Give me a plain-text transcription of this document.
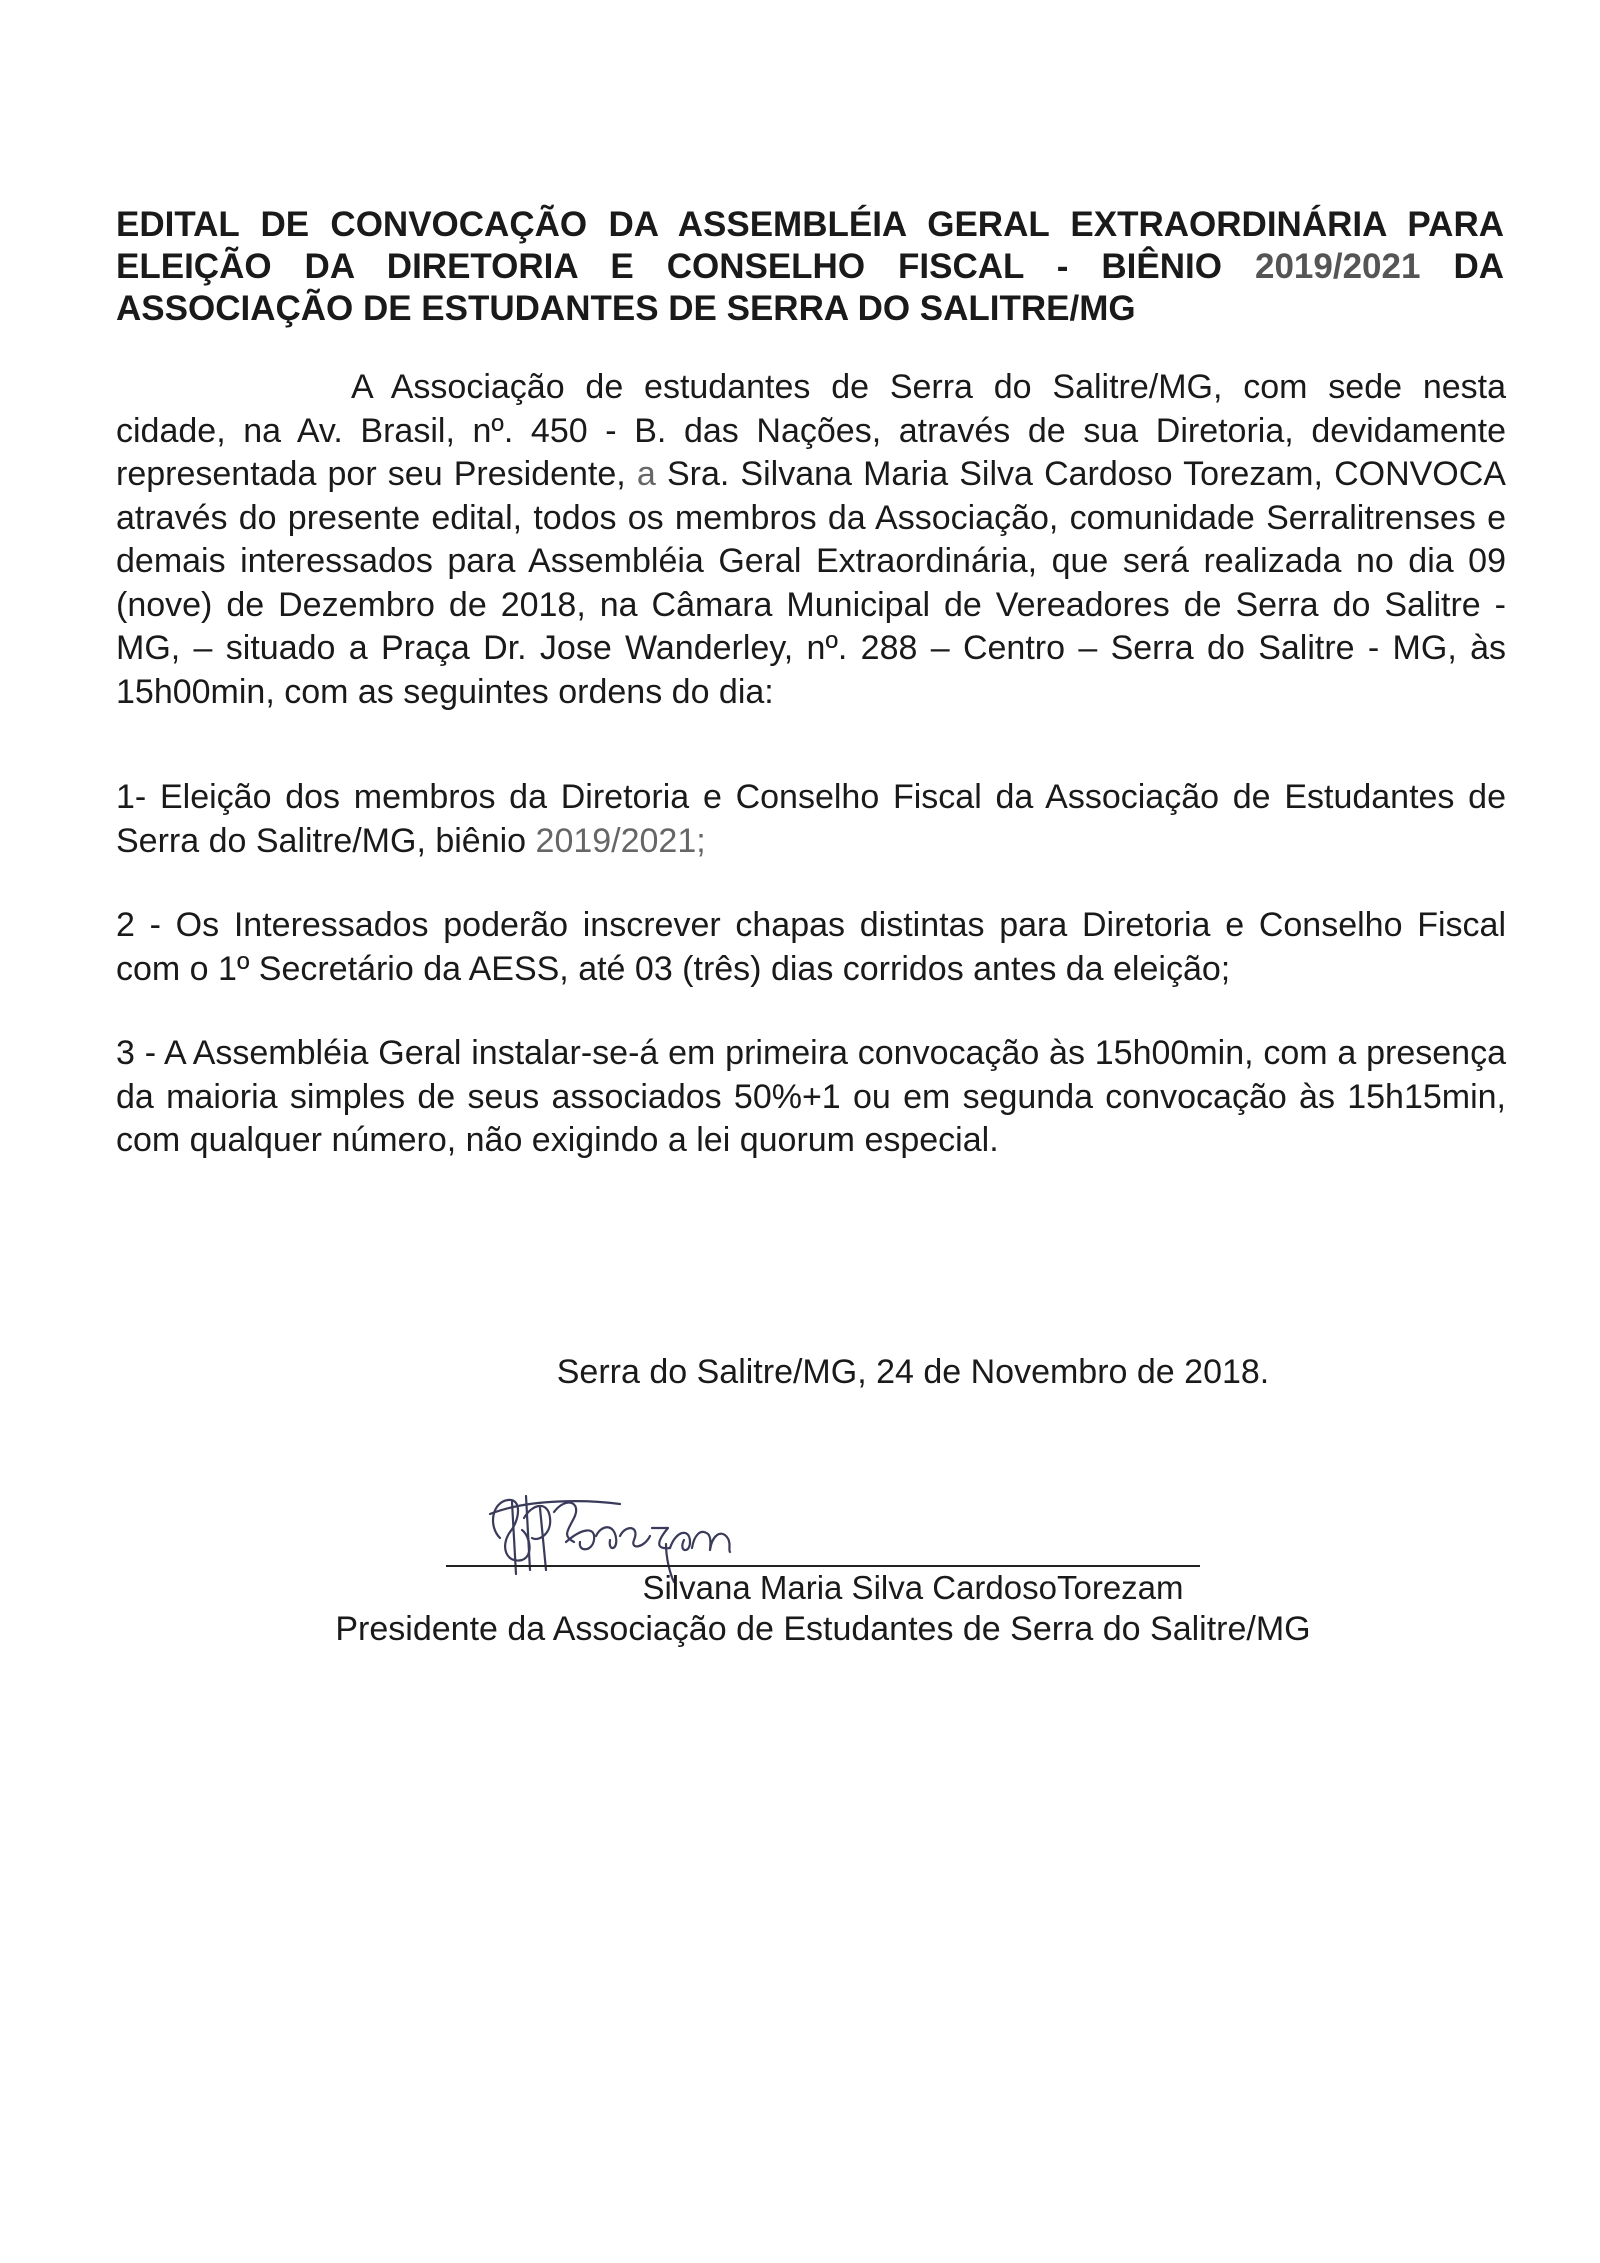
EDITAL DE CONVOCAÇÃO DA ASSEMBLÉIA GERAL EXTRAORDINÁRIA PARA
ELEIÇÃO DA DIRETORIA E CONSELHO FISCAL - BIÊNIO 2019/2021 DA
ASSOCIAÇÃO DE ESTUDANTES DE SERRA DO SALITRE/MG

A Associação de estudantes de Serra do Salitre/MG, com sede nesta cidade, na Av. Brasil, nº. 450 - B. das Nações, através de sua Diretoria, devidamente representada por seu Presidente, a Sra. Silvana Maria Silva Cardoso Torezam, CONVOCA através do presente edital, todos os membros da Associação, comunidade Serralitrenses e demais interessados para Assembléia Geral Extraordinária, que será realizada no dia 09 (nove) de Dezembro de 2018, na Câmara Municipal de Vereadores de Serra do Salitre - MG, – situado a Praça Dr. Jose Wanderley, nº. 288 – Centro – Serra do Salitre - MG, às 15h00min, com as seguintes ordens do dia:

1- Eleição dos membros da Diretoria e Conselho Fiscal da Associação de Estudantes de Serra do Salitre/MG, biênio 2019/2021;

2 - Os Interessados poderão inscrever chapas distintas para Diretoria e Conselho Fiscal com o 1º Secretário da AESS, até 03 (três) dias corridos antes da eleição;

3 - A Assembléia Geral instalar-se-á em primeira convocação às 15h00min, com a presença da maioria simples de seus associados 50%+1 ou em segunda convocação às 15h15min, com qualquer número, não exigindo a lei quorum especial.

Serra do Salitre/MG, 24 de Novembro de 2018.
Silvana Maria Silva CardosoTorezam
Presidente da Associação de Estudantes de Serra do Salitre/MG
